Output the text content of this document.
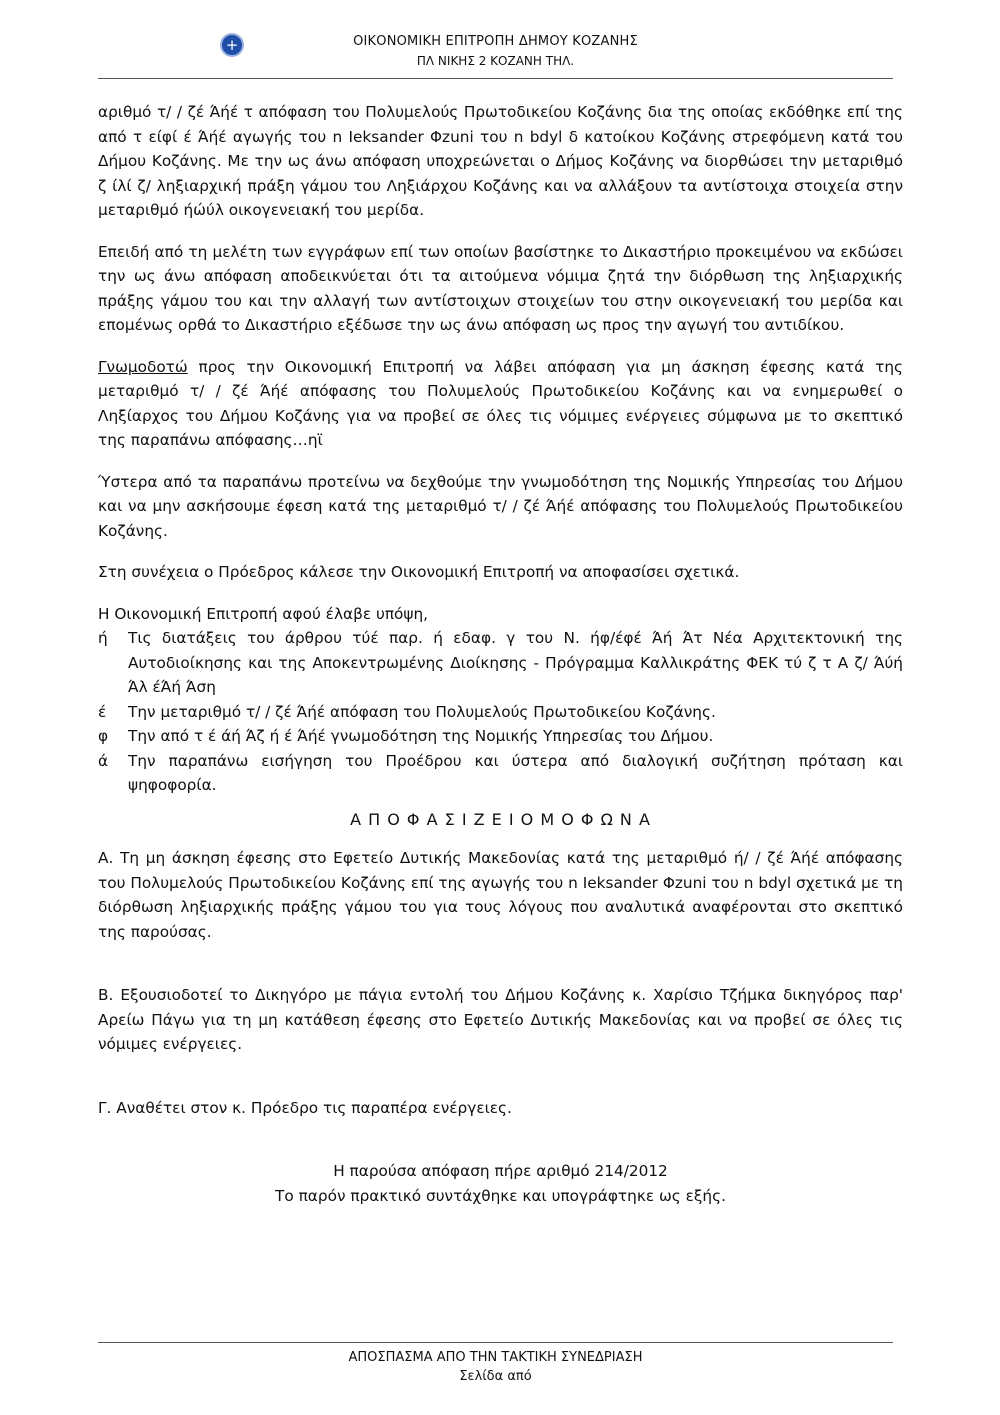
+
ΟΙΚΟΝΟΜΙΚΗ ΕΠΙΤΡΟΠΗ ΔΗΜΟΥ ΚΟΖΑΝΗΣ
ΠΛ ΝΙΚΗΣ 2 ΚΟΖΑΝΗ ΤΗΛ.

αριθμό τ/ / ζέ Άήέ τ απόφαση του Πολυμελούς Πρωτοδικείου Κοζάνης δια της οποίας εκδόθηκε επί της από τ είφί έ Άήέ αγωγής του n Ieksander Φzuni του n bdyl δ κατοίκου Κοζάνης στρεφόμενη κατά του Δήμου Κοζάνης. Με την ως άνω απόφαση υποχρεώνεται ο Δήμος Κοζάνης να διορθώσει την μεταριθμό ζ ίλί ζ/ ληξιαρχική πράξη γάμου του Ληξιάρχου Κοζάνης και να αλλάξουν τα αντίστοιχα στοιχεία στην μεταριθμό ήώύλ οικογενειακή του μερίδα.

Επειδή από τη μελέτη των εγγράφων επί των οποίων βασίστηκε το Δικαστήριο προκειμένου να εκδώσει την ως άνω απόφαση αποδεικνύεται ότι τα αιτούμενα νόμιμα ζητά την διόρθωση της ληξιαρχικής πράξης γάμου του και την αλλαγή των αντίστοιχων στοιχείων του στην οικογενειακή του μερίδα και επομένως ορθά το Δικαστήριο εξέδωσε την ως άνω απόφαση ως προς την αγωγή του αντιδίκου.

Γνωμοδοτώ προς την Οικονομική Επιτροπή να λάβει απόφαση για μη άσκηση έφεσης κατά της μεταριθμό τ/ / ζέ Άήέ απόφασης του Πολυμελούς Πρωτοδικείου Κοζάνης και να ενημερωθεί ο Ληξίαρχος του Δήμου Κοζάνης για να προβεί σε όλες τις νόμιμες ενέργειες σύμφωνα με το σκεπτικό της παραπάνω απόφασης…ηϊ

Ύστερα από τα παραπάνω προτείνω να δεχθούμε την γνωμοδότηση της Νομικής Υπηρεσίας του Δήμου και να μην ασκήσουμε έφεση κατά της μεταριθμό τ/ / ζέ Άήέ απόφασης του Πολυμελούς Πρωτοδικείου Κοζάνης.

Στη συνέχεια ο Πρόεδρος κάλεσε την Οικονομική Επιτροπή να αποφασίσει σχετικά.

Η Οικονομική Επιτροπή αφού έλαβε υπόψη,

ή	Τις διατάξεις του άρθρου τύέ παρ. ή εδαφ. γ του Ν. ήφ/έφέ Άή Άτ Νέα Αρχιτεκτονική της Αυτοδιοίκησης και της Αποκεντρωμένης Διοίκησης - Πρόγραμμα Καλλικράτης ΦΕΚ τύ ζ τ Α ζ/ Άύή Άλ έΆή Άση
έ	Την μεταριθμό τ/ / ζέ Άήέ απόφαση του Πολυμελούς Πρωτοδικείου Κοζάνης.
φ	Την από τ έ άή Άζ ή έ Άήέ γνωμοδότηση της Νομικής Υπηρεσίας του Δήμου.
ά	Την παραπάνω εισήγηση του Προέδρου και ύστερα από διαλογική συζήτηση πρόταση και ψηφοφορία.

Α Π Ο Φ Α Σ Ι Ζ Ε Ι Ο Μ Ο Φ Ω Ν Α

Α. Τη μη άσκηση έφεσης στο Εφετείο Δυτικής Μακεδονίας κατά της μεταριθμό ή/ / ζέ Άήέ απόφασης του Πολυμελούς Πρωτοδικείου Κοζάνης επί της αγωγής του n Ieksander Φzuni του n bdyl σχετικά με τη διόρθωση ληξιαρχικής πράξης γάμου του για τους λόγους που αναλυτικά αναφέρονται στο σκεπτικό της παρούσας.

Β. Εξουσιοδοτεί το Δικηγόρο με πάγια εντολή του Δήμου Κοζάνης κ. Χαρίσιο Τζήμκα δικηγόρος παρ' Αρείω Πάγω για τη μη κατάθεση έφεσης στο Εφετείο Δυτικής Μακεδονίας και να προβεί σε όλες τις νόμιμες ενέργειες.

Γ. Αναθέτει στον κ. Πρόεδρο τις παραπέρα ενέργειες.

Η παρούσα απόφαση πήρε αριθμό 214/2012

Το παρόν πρακτικό συντάχθηκε και υπογράφτηκε ως εξής.

ΑΠΟΣΠΑΣΜΑ ΑΠΟ ΤΗΝ ΤΑΚΤΙΚΗ ΣΥΝΕΔΡΙΑΣΗ
Σελίδα από
